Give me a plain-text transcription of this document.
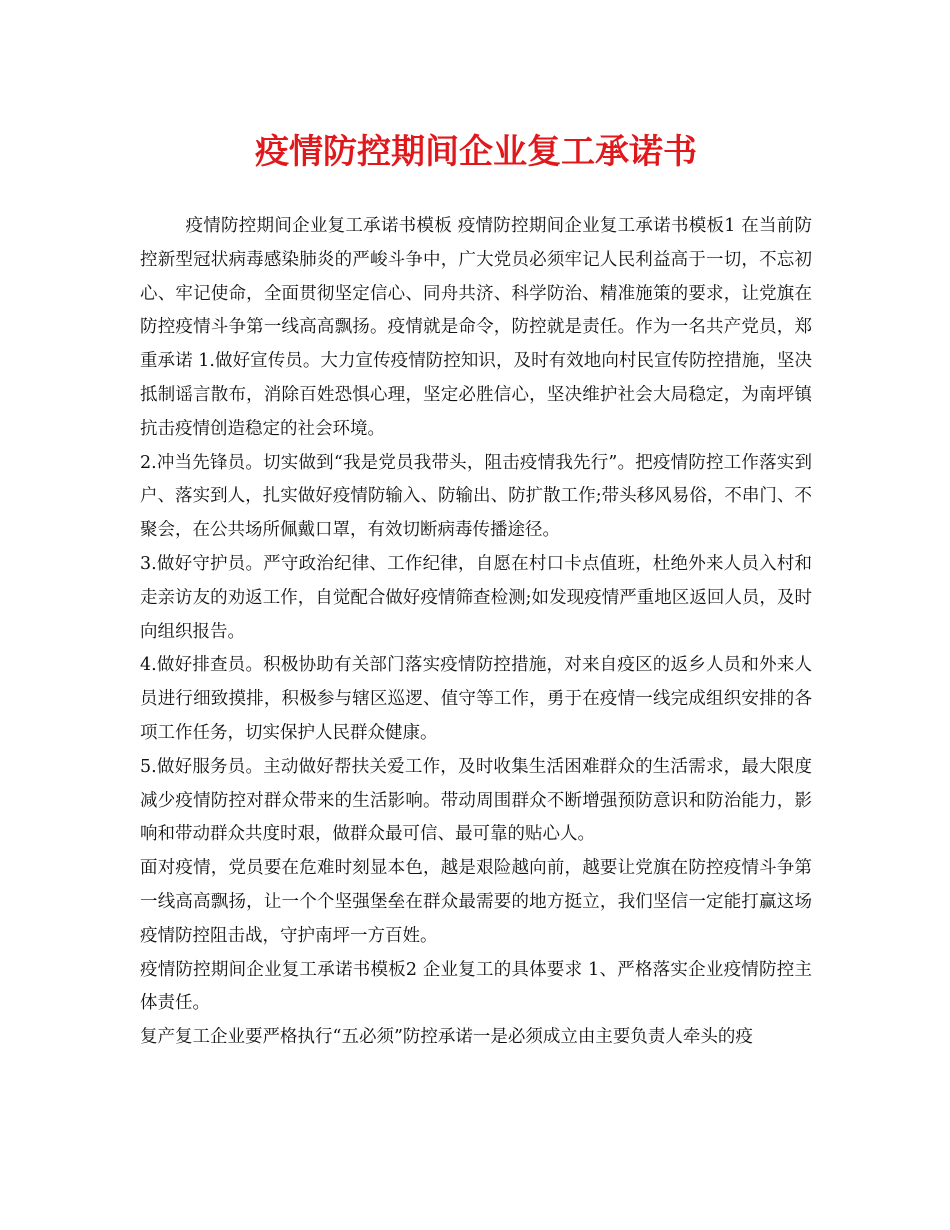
疫情防控期间企业复工承诺书

疫情防控期间企业复工承诺书模板 疫情防控期间企业复工承诺书模板1 在当前防控新型冠状病毒感染肺炎的严峻斗争中，广大党员必须牢记人民利益高于一切，不忘初心、牢记使命，全面贯彻坚定信心、同舟共济、科学防治、精准施策的要求，让党旗在防控疫情斗争第一线高高飘扬。疫情就是命令，防控就是责任。作为一名共产党员，郑重承诺 1.做好宣传员。大力宣传疫情防控知识，及时有效地向村民宣传防控措施，坚决抵制谣言散布，消除百姓恐惧心理，坚定必胜信心，坚决维护社会大局稳定，为南坪镇抗击疫情创造稳定的社会环境。

2.冲当先锋员。切实做到“我是党员我带头，阻击疫情我先行”。把疫情防控工作落实到户、落实到人，扎实做好疫情防输入、防输出、防扩散工作;带头移风易俗，不串门、不聚会，在公共场所佩戴口罩，有效切断病毒传播途径。

3.做好守护员。严守政治纪律、工作纪律，自愿在村口卡点值班，杜绝外来人员入村和走亲访友的劝返工作，自觉配合做好疫情筛查检测;如发现疫情严重地区返回人员，及时向组织报告。

4.做好排查员。积极协助有关部门落实疫情防控措施，对来自疫区的返乡人员和外来人员进行细致摸排，积极参与辖区巡逻、值守等工作，勇于在疫情一线完成组织安排的各项工作任务，切实保护人民群众健康。

5.做好服务员。主动做好帮扶关爱工作，及时收集生活困难群众的生活需求，最大限度减少疫情防控对群众带来的生活影响。带动周围群众不断增强预防意识和防治能力，影响和带动群众共度时艰，做群众最可信、最可靠的贴心人。

面对疫情，党员要在危难时刻显本色，越是艰险越向前，越要让党旗在防控疫情斗争第一线高高飘扬，让一个个坚强堡垒在群众最需要的地方挺立，我们坚信一定能打赢这场疫情防控阻击战，守护南坪一方百姓。

疫情防控期间企业复工承诺书模板2 企业复工的具体要求 1、严格落实企业疫情防控主体责任。

复产复工企业要严格执行“五必须”防控承诺一是必须成立由主要负责人牵头的疫
